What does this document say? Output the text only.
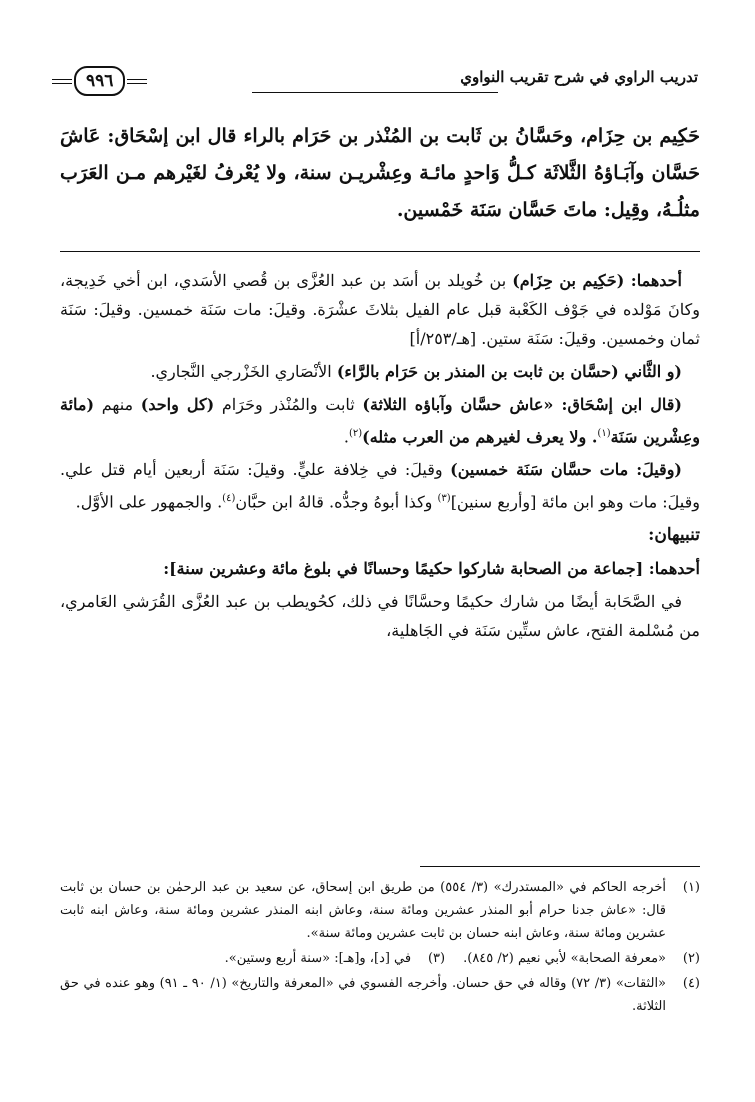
٩٩٦	تدريب الراوي في شرح تقريب النواوي

حَكِيم بن حِزَام، وحَسَّانُ بن ثَابت بن المُنْذر بن حَرَام بالراء قال ابن إسْحَاق: عَاشَ حَسَّان وآبَـاؤهُ الثَّلاثَة كـلُّ وَاحدٍ مائـة وعِشْريـن سنة، ولا يُعْرفُ لغَيْرهم مـن العَرَب مثلُـهُ، وقِيل: ماتَ حَسَّان سَنَة خَمْسين.

أحدهما: (حَكِيم بن حِزَام) بن خُويلد بن أسَد بن عبد العُزَّى بن قُصي الأسَدي، ابن أخي خَدِيجة، وكانَ مَوْلده في جَوْف الكَعْبة قبل عام الفيل بثلاثَ عشْرَة. وقيلَ: مات سَنَة خمسين. وقيلَ: سَنَة ثمان وخمسين. وقيلَ: سَنَة ستين. [هـ/٢٥٣/أ]

(و الثَّاني (حسَّان بن ثابت بن المنذر بن حَرَام بالرَّاء) الأنْصَاري الخَزْرجي النَّجاري.

(قال ابن إسْحَاق: «عاش حسَّان وآباؤه الثلاثة) ثابت والمُنْذر وحَرَام (كل واحد) منهم (مائة وعِشْرين سَنَة$^{(١)}$. ولا يعرف لغيرهم من العرب مثله)$^{(٢)}$.

(وقيلَ: مات حسَّان سَنَة خمسين) وقيلَ: في خِلافة عليٍّ. وقيلَ: سَنَة أربعين أيام قتل علي. وقيلَ: مات وهو ابن مائة [وأربع سنين]$^{(٣)}$ وكذا أبوهُ وجدُّه. قالهُ ابن حبَّان$^{(٤)}$. والجمهور على الأوَّل.

تنبيهان:

أحدهما: [جماعة من الصحابة شاركوا حكيمًا وحسانًا في بلوغ مائة وعشرين سنة]:

في الصَّحَابة أيضًا من شارك حكيمًا وحسَّانًا في ذلك، كحُويطب بن عبد العُزَّى القُرَشي العَامري، من مُسْلمة الفتح، عاش ستِّين سَنَة في الجَاهلية،

(١)
أخرجه الحاكم في «المستدرك» (٣/ ٥٥٤) من طريق ابن إسحاق، عن سعيد بن عبد الرحمٰن بن حسان بن ثابت قال: «عاش جدنا حرام أبو المنذر عشرين ومائة سنة، وعاش ابنه المنذر عشرين ومائة سنة، وعاش ابنه ثابت عشرين ومائة سنة، وعاش ابنه حسان بن ثابت عشرين ومائة سنة».
(٢)
«معرفة الصحابة» لأبي نعيم (٢/ ٨٤٥).
(٣)
في [د]، و[هـ]: «سنة أربع وستين».
(٤)
«الثقات» (٣/ ٧٢) وقاله في حق حسان. وأخرجه الفسوي في «المعرفة والتاريخ» (١/ ٩٠ ـ ٩١) وهو عنده في حق الثلاثة.
